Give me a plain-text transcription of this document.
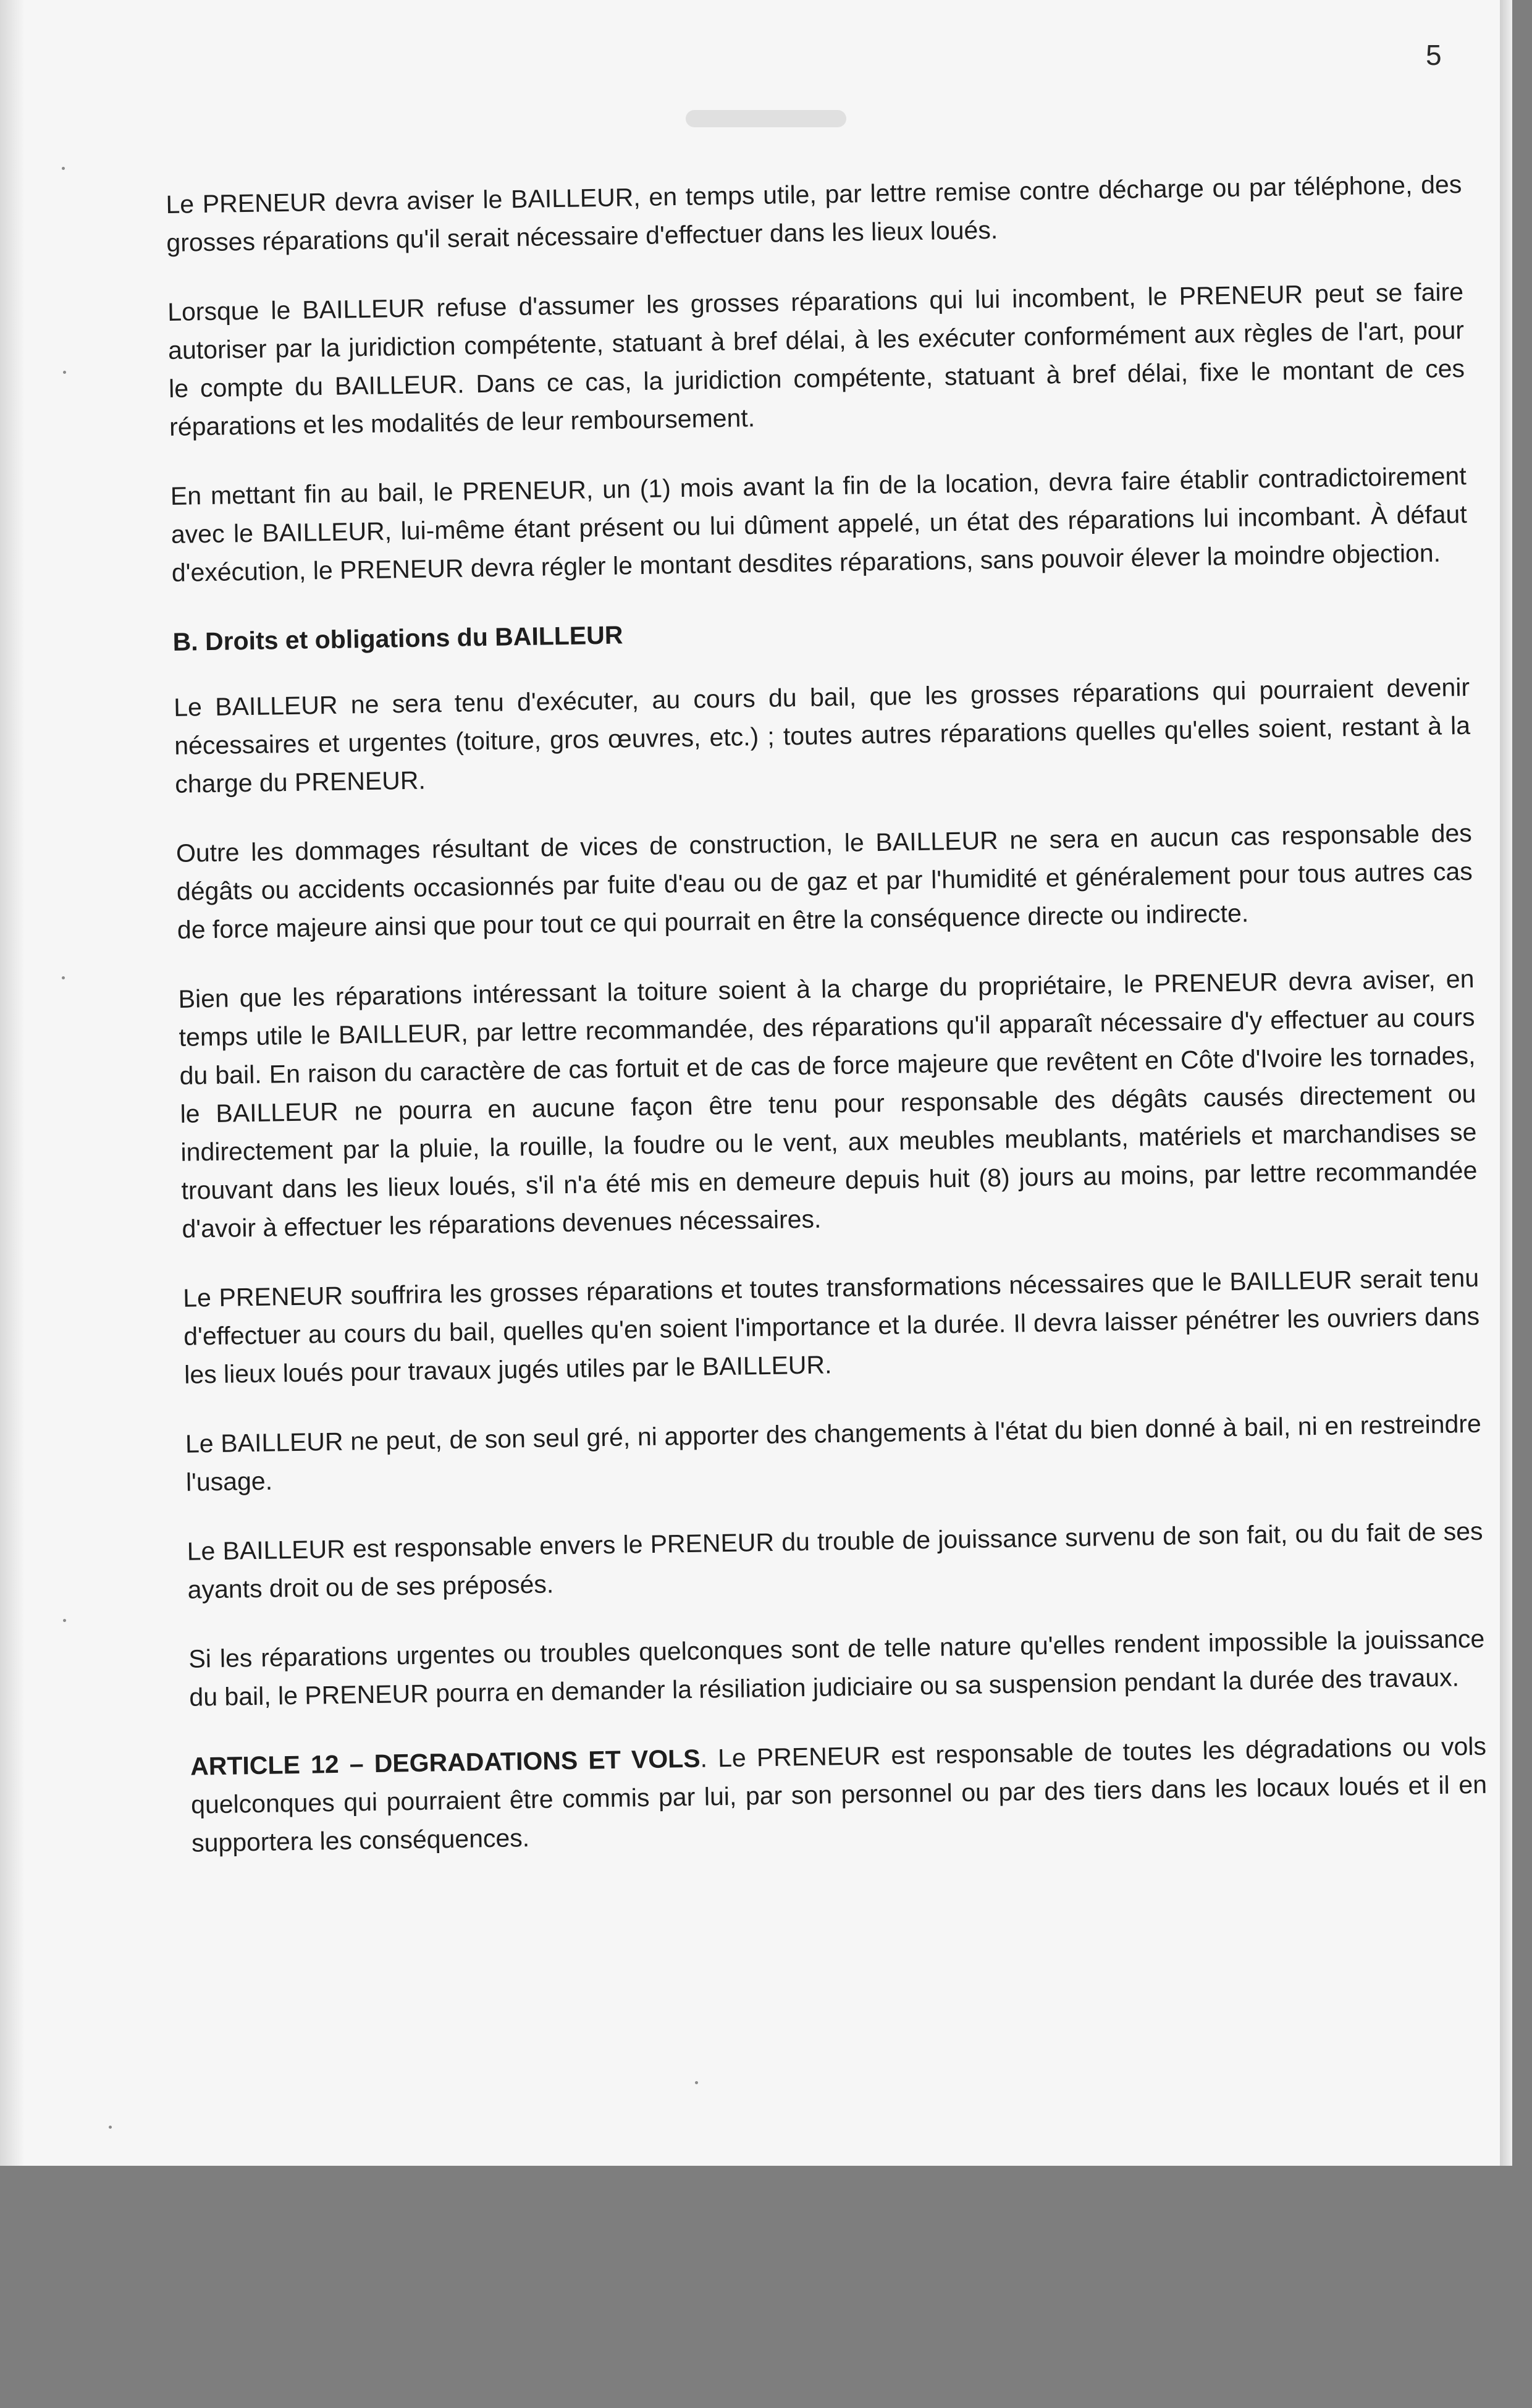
5

Le PRENEUR devra aviser le BAILLEUR, en temps utile, par lettre remise contre décharge ou par téléphone, des grosses réparations qu'il serait nécessaire d'effectuer dans les lieux loués.

Lorsque le BAILLEUR refuse d'assumer les grosses réparations qui lui incombent, le PRENEUR peut se faire autoriser par la juridiction compétente, statuant à bref délai, à les exécuter conformément aux règles de l'art, pour le compte du BAILLEUR. Dans ce cas, la juridiction compétente, statuant à bref délai, fixe le montant de ces réparations et les modalités de leur remboursement.

En mettant fin au bail, le PRENEUR, un (1) mois avant la fin de la location, devra faire établir contradictoirement avec le BAILLEUR, lui-même étant présent ou lui dûment appelé, un état des réparations lui incombant. À défaut d'exécution, le PRENEUR devra régler le montant desdites réparations, sans pouvoir élever la moindre objection.

B. Droits et obligations du BAILLEUR

Le BAILLEUR ne sera tenu d'exécuter, au cours du bail, que les grosses réparations qui pourraient devenir nécessaires et urgentes (toiture, gros œuvres, etc.) ; toutes autres réparations quelles qu'elles soient, restant à la charge du PRENEUR.

Outre les dommages résultant de vices de construction, le BAILLEUR ne sera en aucun cas responsable des dégâts ou accidents occasionnés par fuite d'eau ou de gaz et par l'humidité et généralement pour tous autres cas de force majeure ainsi que pour tout ce qui pourrait en être la conséquence directe ou indirecte.

Bien que les réparations intéressant la toiture soient à la charge du propriétaire, le PRENEUR devra aviser, en temps utile le BAILLEUR, par lettre recommandée, des réparations qu'il apparaît nécessaire d'y effectuer au cours du bail. En raison du caractère de cas fortuit et de cas de force majeure que revêtent en Côte d'Ivoire les tornades, le BAILLEUR ne pourra en aucune façon être tenu pour responsable des dégâts causés directement ou indirectement par la pluie, la rouille, la foudre ou le vent, aux meubles meublants, matériels et marchandises se trouvant dans les lieux loués, s'il n'a été mis en demeure depuis huit (8) jours au moins, par lettre recommandée d'avoir à effectuer les réparations devenues nécessaires.

Le PRENEUR souffrira les grosses réparations et toutes transformations nécessaires que le BAILLEUR serait tenu d'effectuer au cours du bail, quelles qu'en soient l'importance et la durée. Il devra laisser pénétrer les ouvriers dans les lieux loués pour travaux jugés utiles par le BAILLEUR.

Le BAILLEUR ne peut, de son seul gré, ni apporter des changements à l'état du bien donné à bail, ni en restreindre l'usage.

Le BAILLEUR est responsable envers le PRENEUR du trouble de jouissance survenu de son fait, ou du fait de ses ayants droit ou de ses préposés.

Si les réparations urgentes ou troubles quelconques sont de telle nature qu'elles rendent impossible la jouissance du bail, le PRENEUR pourra en demander la résiliation judiciaire ou sa suspension pendant la durée des travaux.

ARTICLE 12 – DEGRADATIONS ET VOLS. Le PRENEUR est responsable de toutes les dégradations ou vols quelconques qui pourraient être commis par lui, par son personnel ou par des tiers dans les locaux loués et il en supportera les conséquences.
